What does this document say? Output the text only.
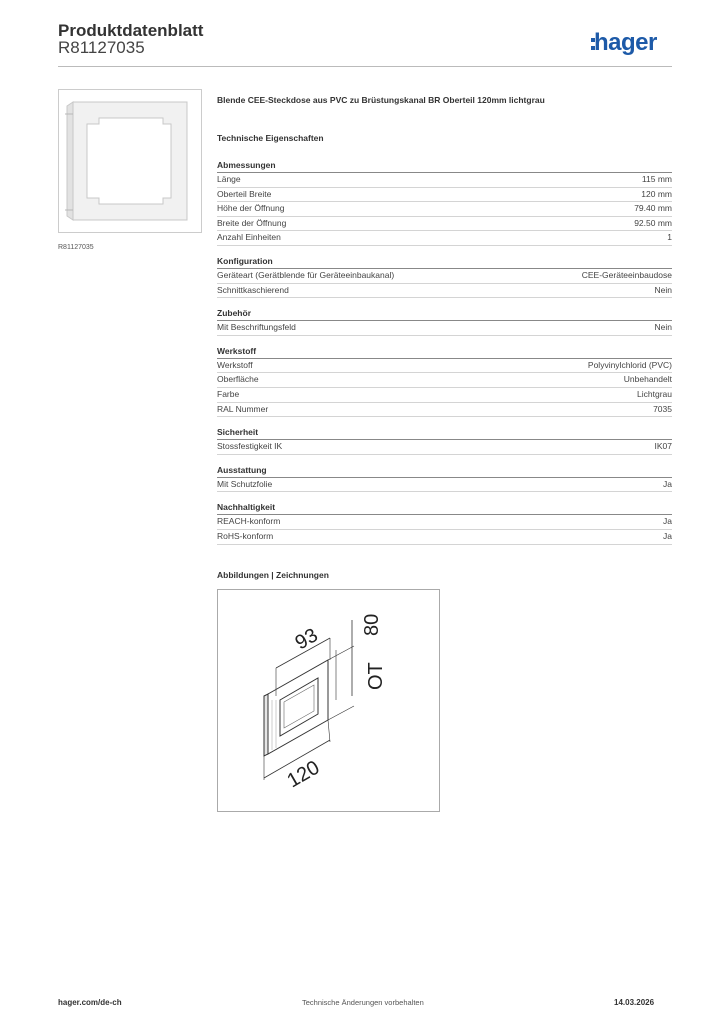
Produktdatenblatt
R81127035	hager
R81127035
Blende CEE-Steckdose aus PVC zu Brüstungskanal BR Oberteil 120mm lichtgrau
Technische Eigenschaften
Abmessungen
Länge	115 mm
Oberteil Breite	120 mm
Höhe der Öffnung	79.40 mm
Breite der Öffnung	92.50 mm
Anzahl Einheiten	1
Konfiguration
Geräteart (Gerätblende für Geräteeinbaukanal)	CEE-Geräteeinbaudose
Schnittkaschierend	Nein
Zubehör
Mit Beschriftungsfeld	Nein
Werkstoff
Werkstoff	Polyvinylchlorid (PVC)
Oberfläche	Unbehandelt
Farbe	Lichtgrau
RAL Nummer	7035
Sicherheit
Stossfestigkeit IK	IK07
Ausstattung
Mit Schutzfolie	Ja
Nachhaltigkeit
REACH-konform	Ja
RoHS-konform	Ja
Abbildungen | Zeichnungen
93 80
OT
120
hager.com/de-ch	Technische Änderungen vorbehalten	14.03.2026
